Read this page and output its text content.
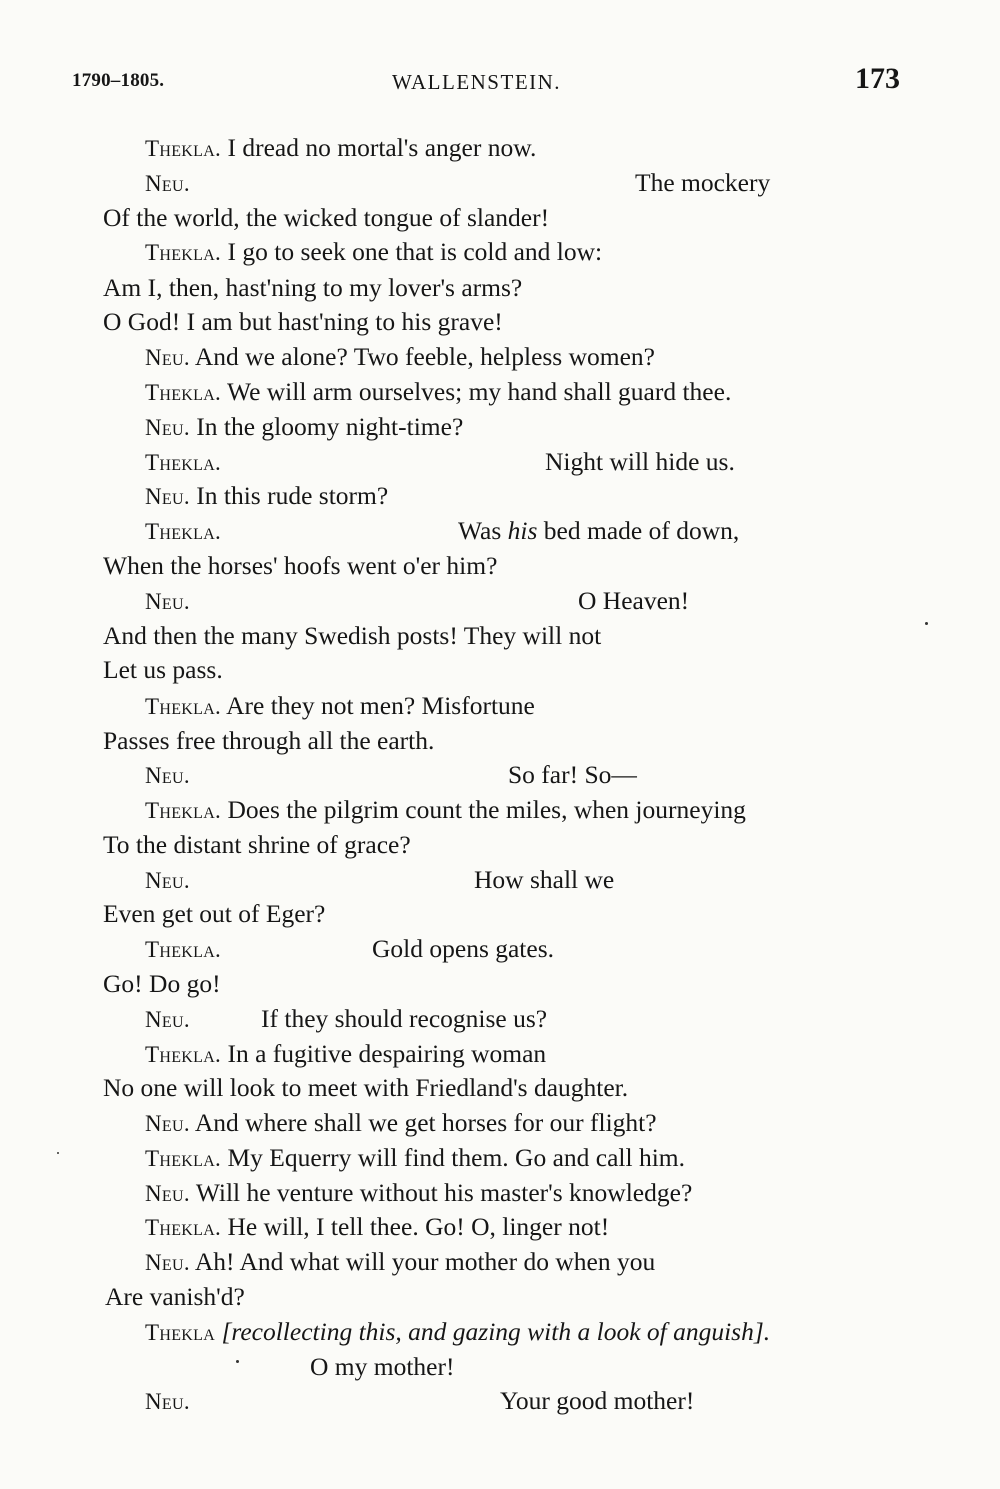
1790–1805.	WALLENSTEIN.	173
Thekla. I dread no mortal's anger now.
Neu.	The mockery
Of the world, the wicked tongue of slander!
Thekla. I go to seek one that is cold and low:
Am I, then, hast'ning to my lover's arms?
O God! I am but hast'ning to his grave!
Neu. And we alone? Two feeble, helpless women?
Thekla. We will arm ourselves; my hand shall guard thee.
Neu. In the gloomy night-time?
Thekla.	Night will hide us.
Neu. In this rude storm?
Thekla.	Was his bed made of down,
When the horses' hoofs went o'er him?
Neu.	O Heaven!
And then the many Swedish posts! They will not
Let us pass.
Thekla. Are they not men? Misfortune
Passes free through all the earth.
Neu.	So far! So—
Thekla. Does the pilgrim count the miles, when journeying
To the distant shrine of grace?
Neu.	How shall we
Even get out of Eger?
Thekla.	Gold opens gates.
Go! Do go!
Neu.	If they should recognise us?
Thekla. In a fugitive despairing woman
No one will look to meet with Friedland's daughter.
Neu. And where shall we get horses for our flight?
Thekla. My Equerry will find them. Go and call him.
Neu. Will he venture without his master's knowledge?
Thekla. He will, I tell thee. Go! O, linger not!
Neu. Ah! And what will your mother do when you
Are vanish'd?
Thekla [recollecting this, and gazing with a look of anguish].
O my mother!
Neu.	Your good mother!
